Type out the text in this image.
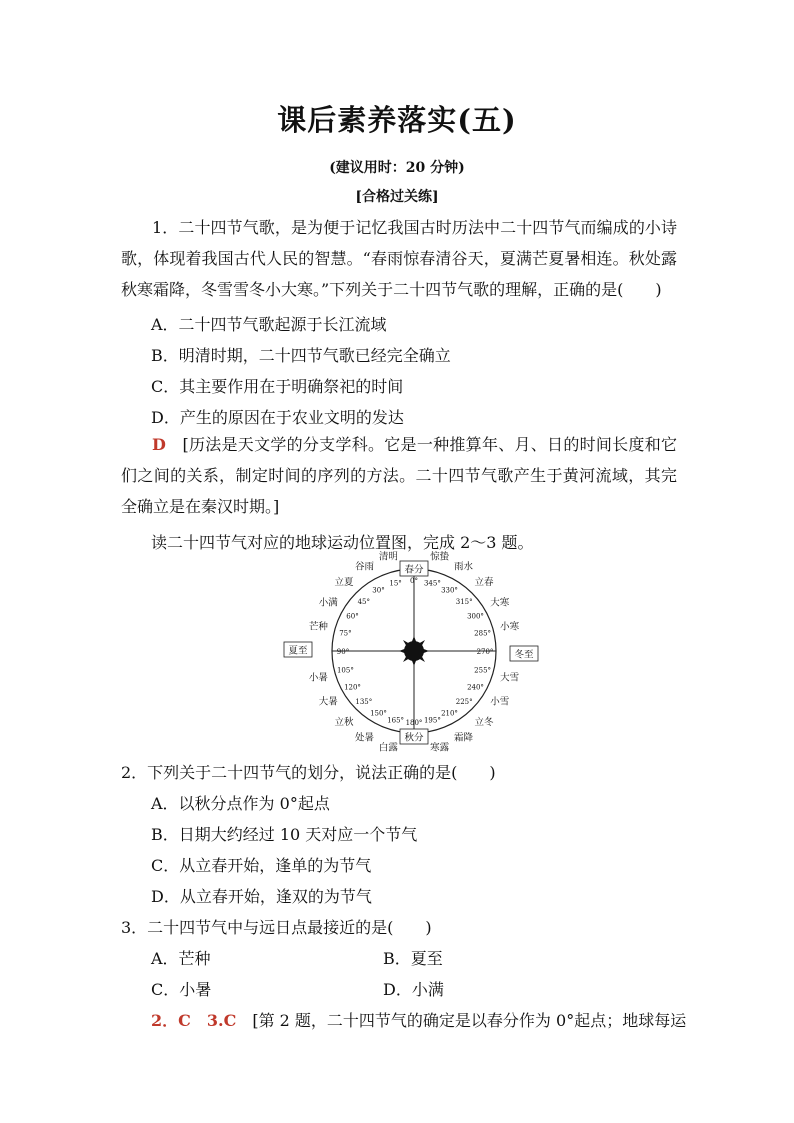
课后素养落实(五)
(建议用时：20 分钟)
[合格过关练]
1．二十四节气歌，是为便于记忆我国古时历法中二十四节气而编成的小诗歌，体现着我国古代人民的智慧。“春雨惊春清谷天，夏满芒夏暑相连。秋处露秋寒霜降，冬雪雪冬小大寒。”下列关于二十四节气歌的理解，正确的是(　　)
A．二十四节气歌起源于长江流域
B．明清时期，二十四节气歌已经完全确立
C．其主要作用在于明确祭祀的时间
D．产生的原因在于农业文明的发达
D　 [历法是天文学的分支学科。它是一种推算年、月、日的时间长度和它们之间的关系，制定时间的序列的方法。二十四节气歌产生于黄河流域，其完全确立是在秦汉时期。]
读二十四节气对应的地球运动位置图，完成 2～3 题。
0°
15°
30°
45°
60°
75°
90°
105°
120°
135°
150°
165° 180° 195°
210°
225°
240°
255°
270°
285°
300°
315°
330°
345°
清明
谷雨
立夏
小满
芒种
小暑
大暑
立秋
处暑
白露	寒露
霜降
立冬
小雪
大雪
小寒
大寒
立春
雨水
惊蛰
春分
冬至
秋分
夏至
2．下列关于二十四节气的划分，说法正确的是(　　)
A．以秋分点作为 0°起点
B．日期大约经过 10 天对应一个节气
C．从立春开始，逢单的为节气
D．从立春开始，逢双的为节气
3．二十四节气中与远日点最接近的是(　　)
A．芒种	B．夏至
C．小暑	D．小满
2．C　3.C　 [第 2 题，二十四节气的确定是以春分作为 0°起点；地球每运
